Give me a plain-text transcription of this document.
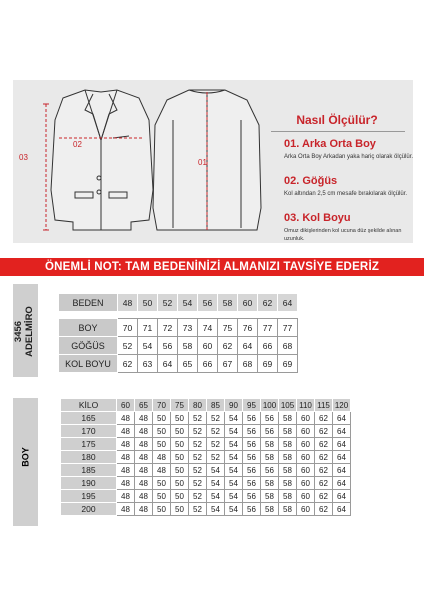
03
02
01
Nasıl Ölçülür?
01. Arka Orta Boy
Arka Orta Boy Arkadan yaka hariç olarak ölçülür.
02. Göğüs
Kol altından 2,5 cm mesafe bırakılarak ölçülür.
03. Kol Boyu
Omuz dikişlerinden kol ucuna düz şekilde alınan uzunluk.
ÖNEMLİ NOT: TAM BEDENİNİZİ ALMANIZI TAVSİYE EDERİZ
3456 ADELMİRO
BEDEN	48	50	52	54	56	58	60	62	64

BOY	70	71	72	73	74	75	76	77	77
GÖĞÜS	52	54	56	58	60	62	64	66	68
KOL BOYU	62	63	64	65	66	67	68	69	69
BOY
KİLO	60	65	70	75	80	85	90	95	100	105	110	115	120
165	48	48	50	50	52	52	54	56	56	58	60	62	64
170	48	48	50	50	52	52	54	56	56	58	60	62	64
175	48	48	50	50	52	52	54	56	58	58	60	62	64
180	48	48	48	50	52	52	54	56	58	58	60	62	64
185	48	48	48	50	52	54	54	56	56	58	60	62	64
190	48	48	50	50	52	54	54	56	58	58	60	62	64
195	48	48	50	50	52	54	54	56	58	58	60	62	64
200	48	48	50	50	52	54	54	56	58	58	60	62	64
